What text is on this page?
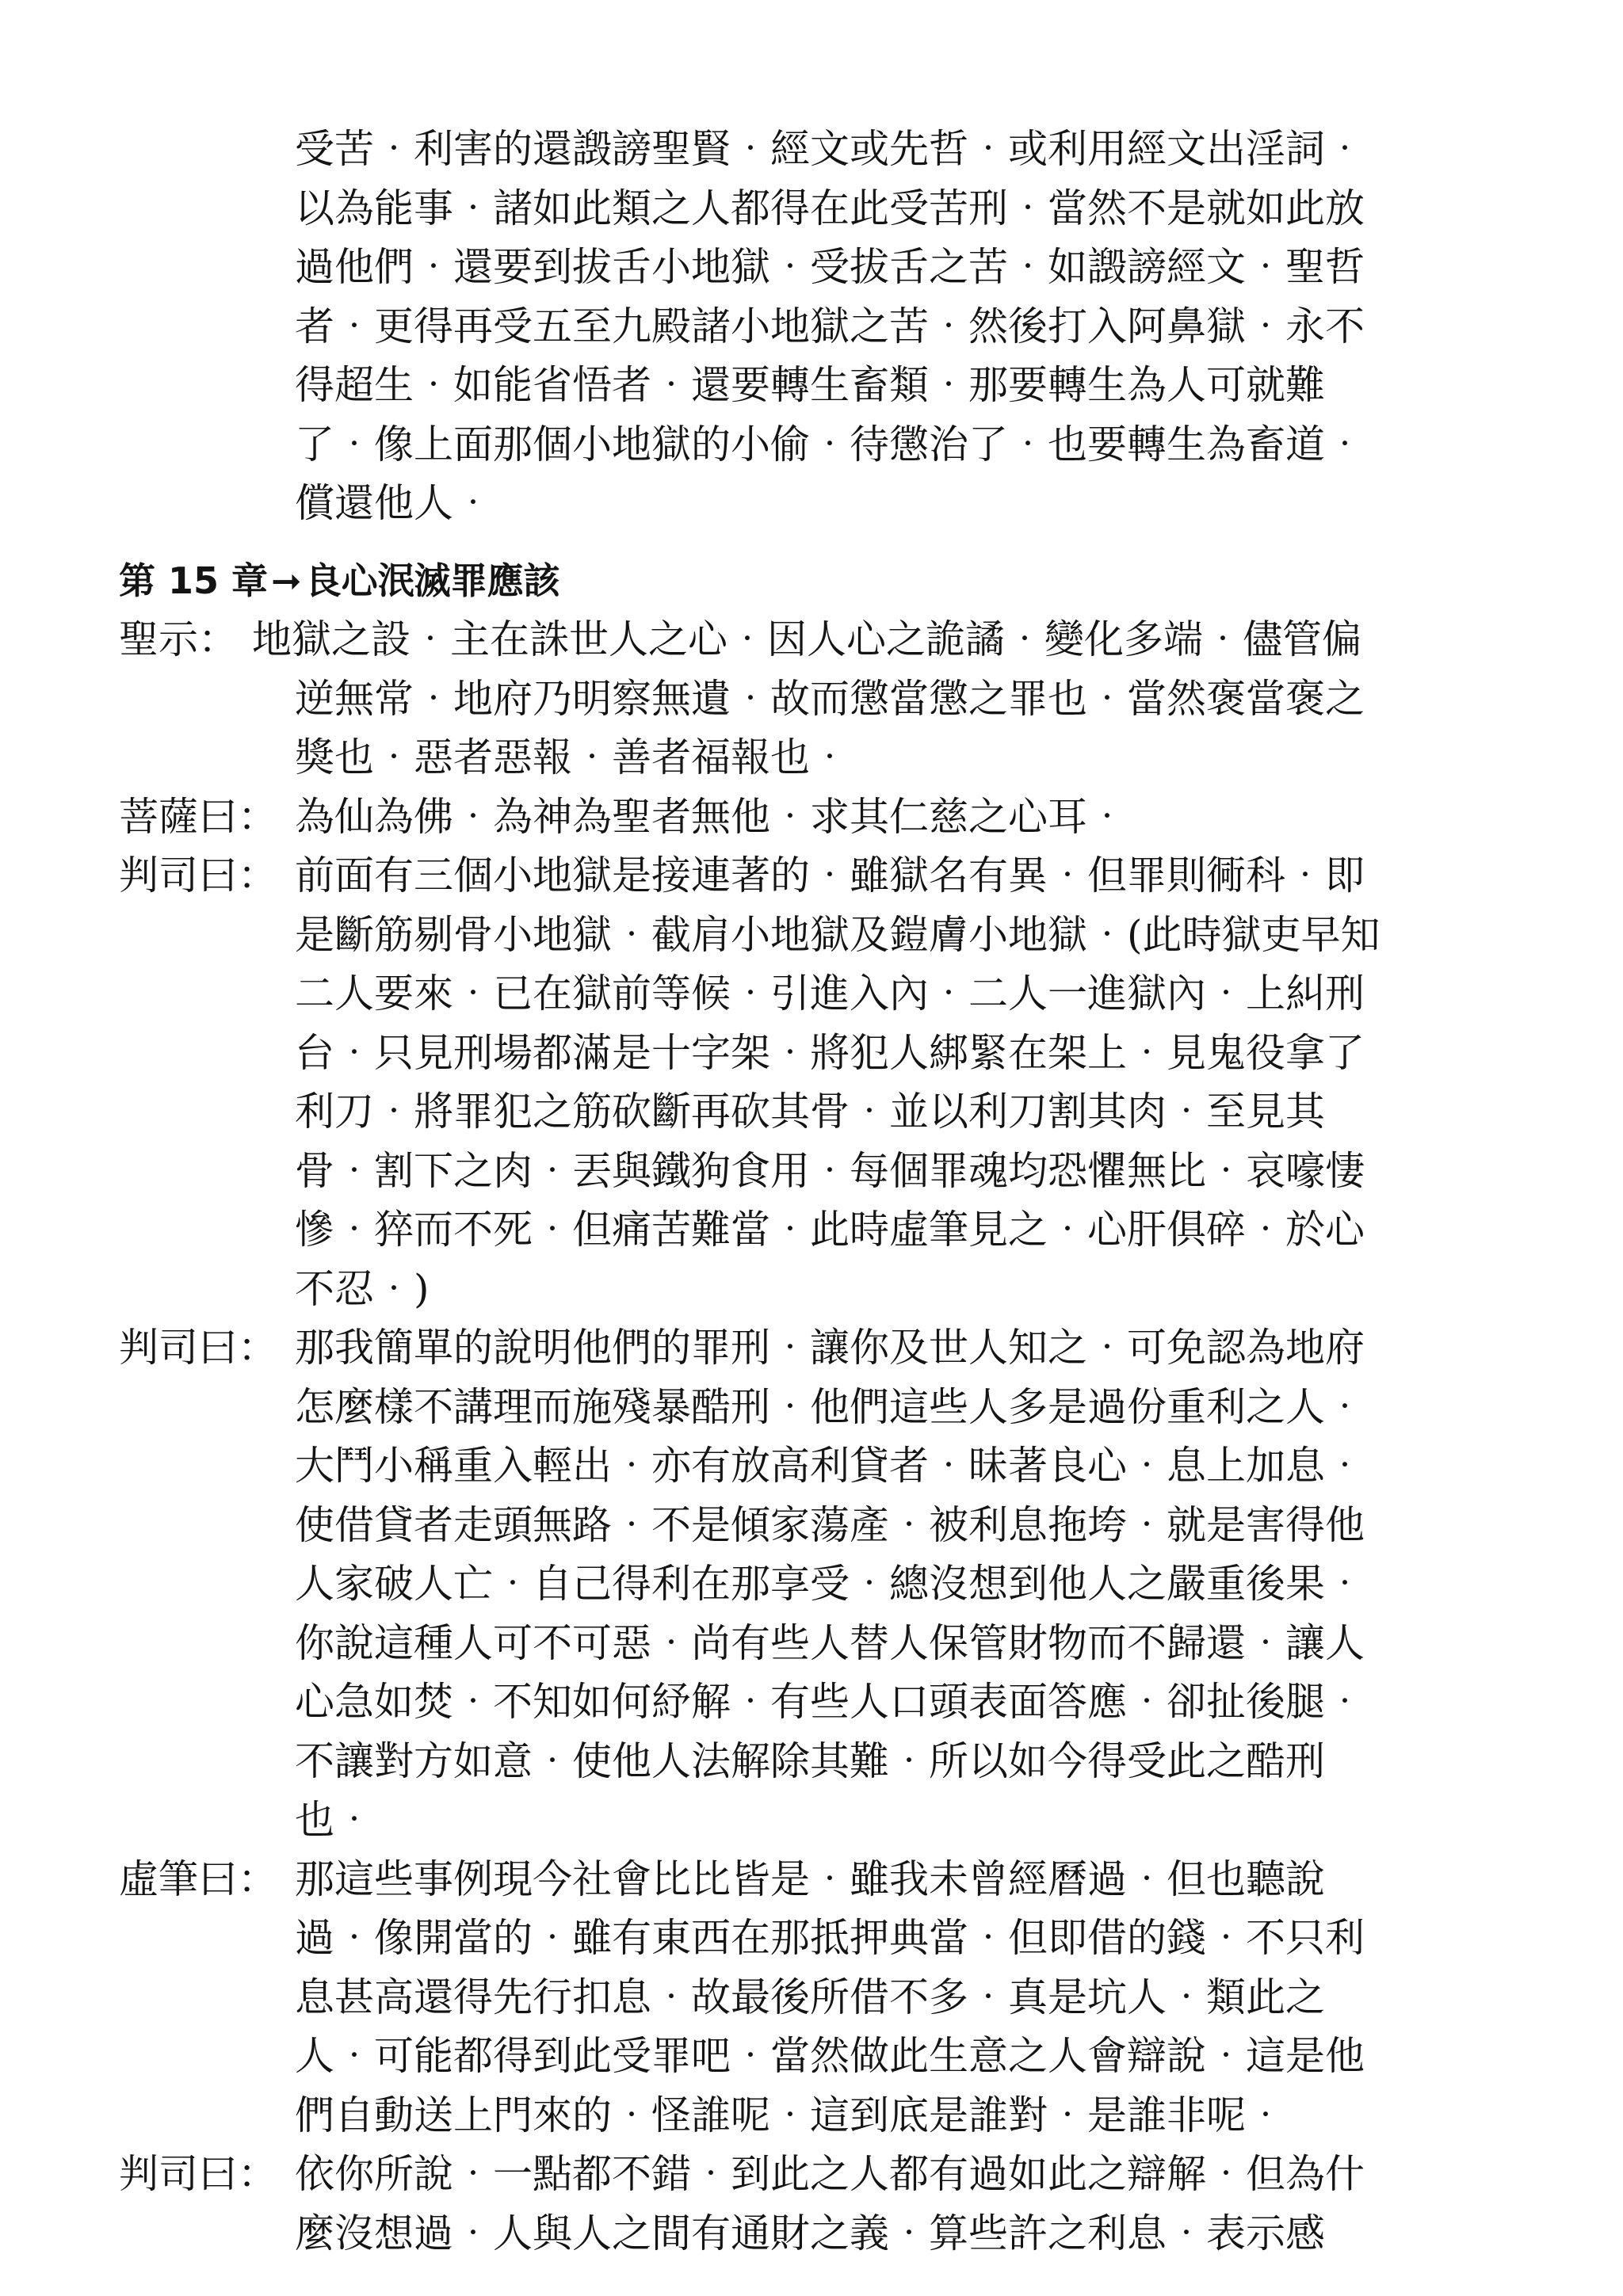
受苦‧利害的還譭謗聖賢‧經文或先哲‧或利用經文出淫詞‧
以為能事‧諸如此類之人都得在此受苦刑‧當然不是就如此放
過他們‧還要到拔舌小地獄‧受拔舌之苦‧如譭謗經文‧聖哲
者‧更得再受五至九殿諸小地獄之苦‧然後打入阿鼻獄‧永不
得超生‧如能省悟者‧還要轉生畜類‧那要轉生為人可就難
了‧像上面那個小地獄的小偷‧待懲治了‧也要轉生為畜道‧
償還他人‧
第 15 章➞良心泯滅罪應該
聖示： 地獄之設‧主在誅世人之心‧因人心之詭譎‧變化多端‧儘管偏
逆無常‧地府乃明察無遺‧故而懲當懲之罪也‧當然褒當褒之
獎也‧惡者惡報‧善者福報也‧
菩薩曰： 為仙為佛‧為神為聖者無他‧求其仁慈之心耳‧
判司曰： 前面有三個小地獄是接連著的‧雖獄名有異‧但罪則衕科‧即
是斷筋剔骨小地獄‧截肩小地獄及鎧膚小地獄‧(此時獄吏早知
二人要來‧已在獄前等候‧引進入內‧二人一進獄內‧上糾刑
台‧只見刑場都滿是十字架‧將犯人綁緊在架上‧見鬼役拿了
利刀‧將罪犯之筋砍斷再砍其骨‧並以利刀割其肉‧至見其
骨‧割下之肉‧丟與鐵狗食用‧每個罪魂均恐懼無比‧哀嚎悽
慘‧猝而不死‧但痛苦難當‧此時虛筆見之‧心肝俱碎‧於心
不忍‧)
判司曰： 那我簡單的說明他們的罪刑‧讓你及世人知之‧可免認為地府
怎麼樣不講理而施殘暴酷刑‧他們這些人多是過份重利之人‧
大鬥小稱重入輕出‧亦有放高利貸者‧昧著良心‧息上加息‧
使借貸者走頭無路‧不是傾家蕩產‧被利息拖垮‧就是害得他
人家破人亡‧自己得利在那享受‧總沒想到他人之嚴重後果‧
你說這種人可不可惡‧尚有些人替人保管財物而不歸還‧讓人
心急如焚‧不知如何紓解‧有些人口頭表面答應‧卻扯後腿‧
不讓對方如意‧使他人法解除其難‧所以如今得受此之酷刑
也‧
虛筆曰： 那這些事例現今社會比比皆是‧雖我未曾經曆過‧但也聽說
過‧像開當的‧雖有東西在那抵押典當‧但即借的錢‧不只利
息甚高還得先行扣息‧故最後所借不多‧真是坑人‧類此之
人‧可能都得到此受罪吧‧當然做此生意之人會辯說‧這是他
們自動送上門來的‧怪誰呢‧這到底是誰對‧是誰非呢‧
判司曰： 依你所說‧一點都不錯‧到此之人都有過如此之辯解‧但為什
麼沒想過‧人與人之間有通財之義‧算些許之利息‧表示感
